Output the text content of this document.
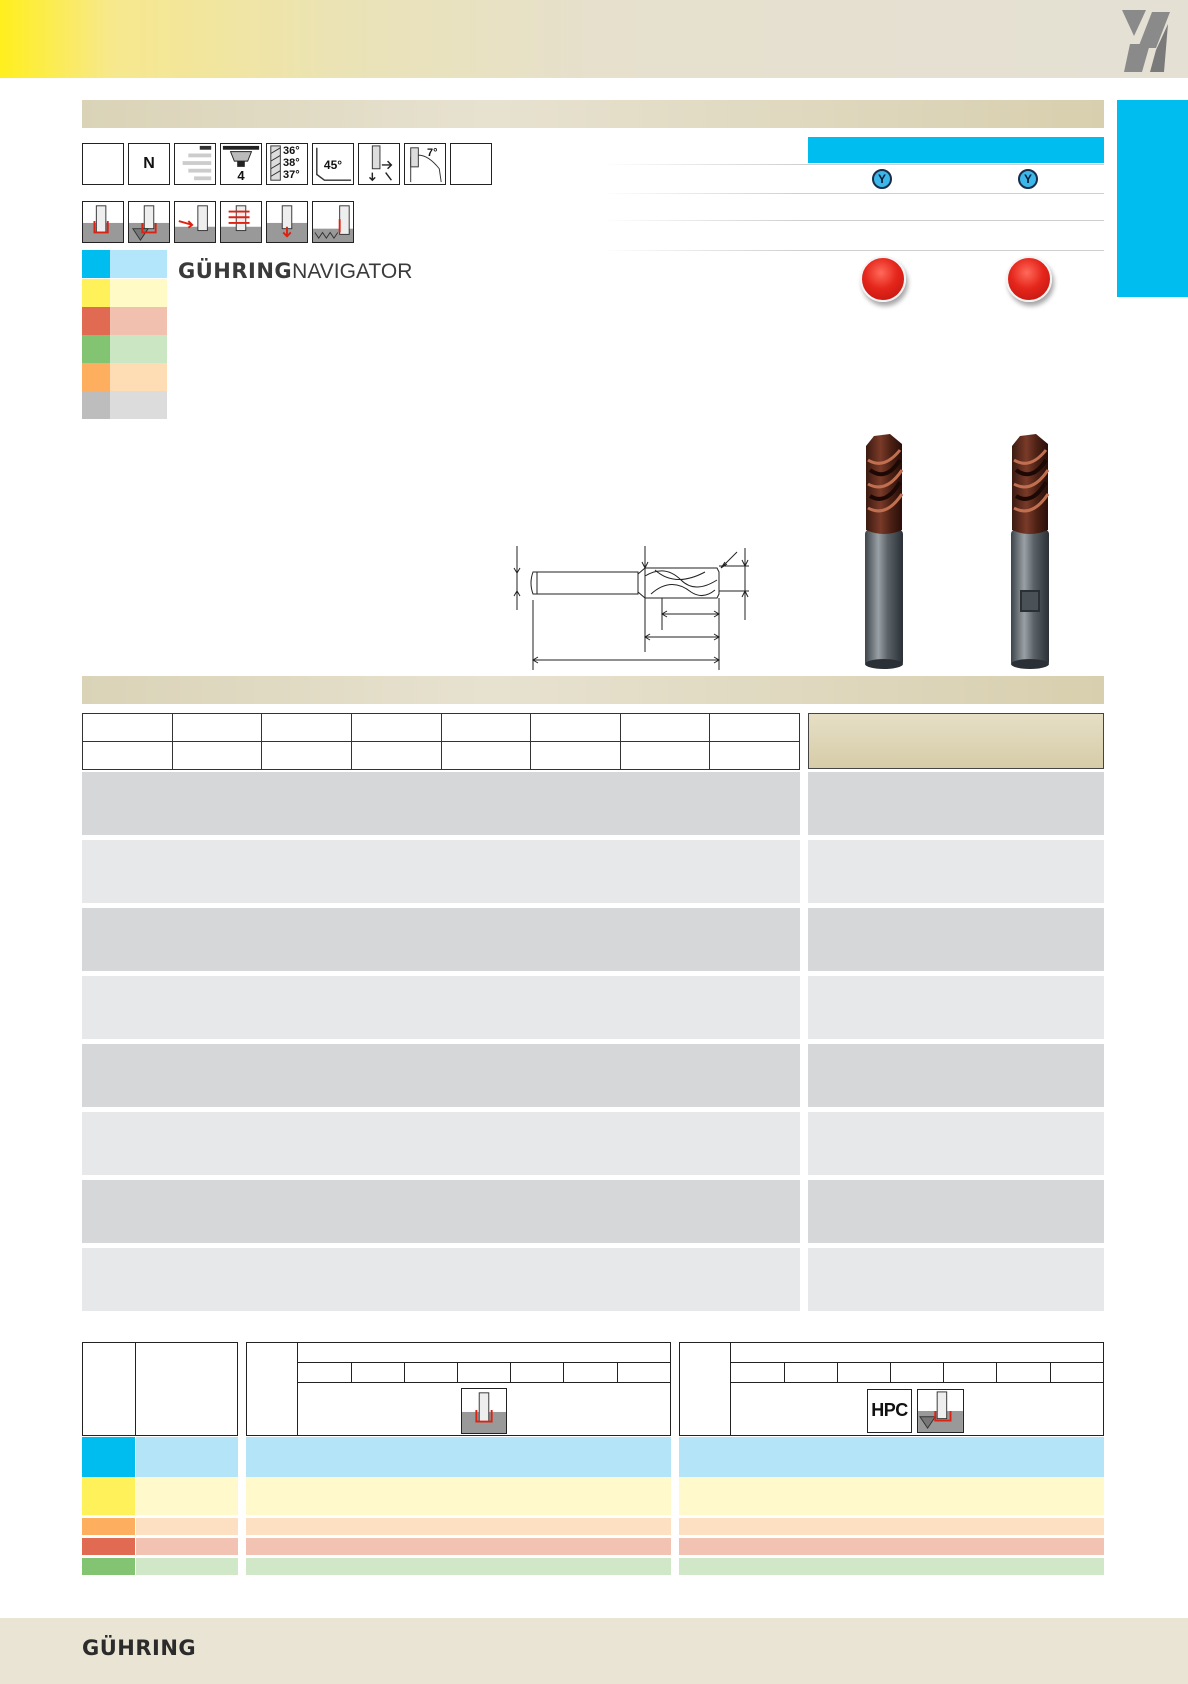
N
4
36°
38°
37°
45°
7°
Y	Y
GÜHRING NAVIGATOR

HPC
GÜHRING
